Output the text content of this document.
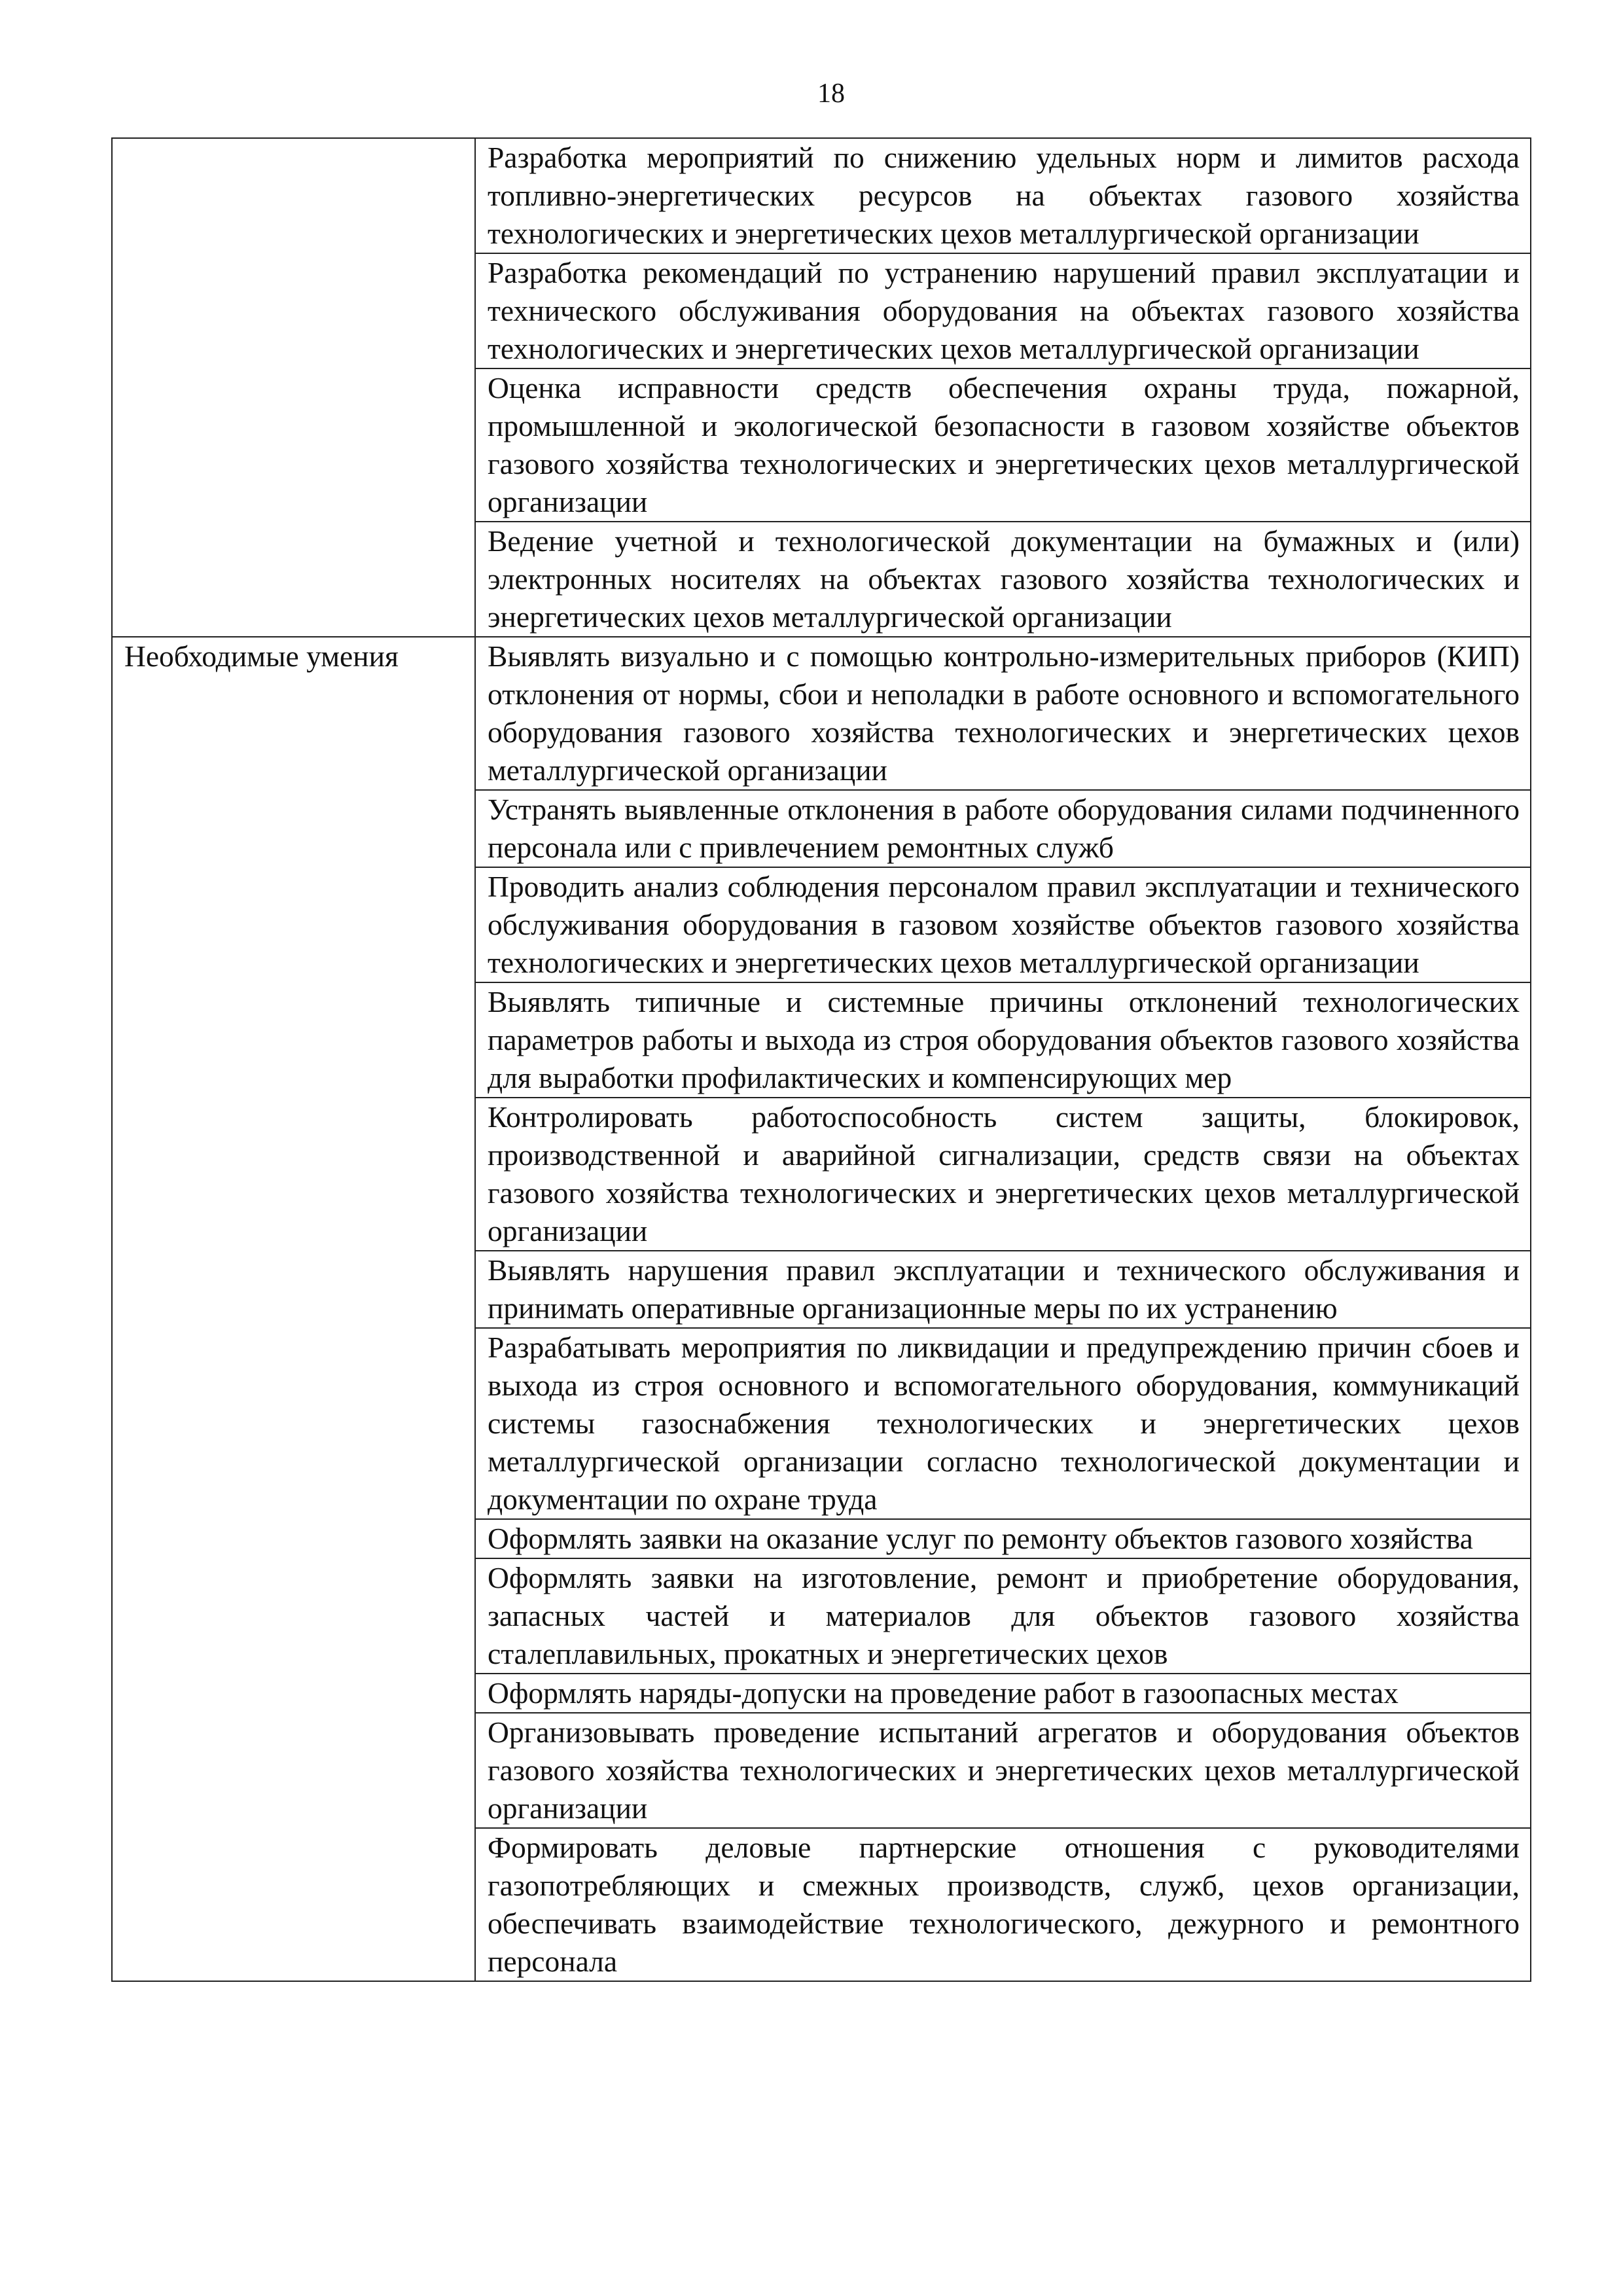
18
	Разработка мероприятий по снижению удельных норм и лимитов расхода топливно-энергетических ресурсов на объектах газового хозяйства технологических и энергетических цехов металлургической организации
	Разработка рекомендаций по устранению нарушений правил эксплуатации и технического обслуживания оборудования на объектах газового хозяйства технологических и энергетических цехов металлургической организации
	Оценка исправности средств обеспечения охраны труда, пожарной, промышленной и экологической безопасности в газовом хозяйстве объектов газового хозяйства технологических и энергетических цехов металлургической организации
	Ведение учетной и технологической документации на бумажных и (или) электронных носителях на объектах газового хозяйства технологических и энергетических цехов металлургической организации
Необходимые умения	Выявлять визуально и с помощью контрольно-измерительных приборов (КИП) отклонения от нормы, сбои и неполадки в работе основного и вспомогательного оборудования газового хозяйства технологических и энергетических цехов металлургической организации
	Устранять выявленные отклонения в работе оборудования силами подчиненного персонала или с привлечением ремонтных служб
	Проводить анализ соблюдения персоналом правил эксплуатации и технического обслуживания оборудования в газовом хозяйстве объектов газового хозяйства технологических и энергетических цехов металлургической организации
	Выявлять типичные и системные причины отклонений технологических параметров работы и выхода из строя оборудования объектов газового хозяйства для выработки профилактических и компенсирующих мер
	Контролировать работоспособность систем защиты, блокировок, производственной и аварийной сигнализации, средств связи на объектах газового хозяйства технологических и энергетических цехов металлургической организации
	Выявлять нарушения правил эксплуатации и технического обслуживания и принимать оперативные организационные меры по их устранению
	Разрабатывать мероприятия по ликвидации и предупреждению причин сбоев и выхода из строя основного и вспомогательного оборудования, коммуникаций системы газоснабжения технологических и энергетических цехов металлургической организации согласно технологической документации и документации по охране труда
	Оформлять заявки на оказание услуг по ремонту объектов газового хозяйства
	Оформлять заявки на изготовление, ремонт и приобретение оборудования, запасных частей и материалов для объектов газового хозяйства сталеплавильных, прокатных и энергетических цехов
	Оформлять наряды-допуски на проведение работ в газоопасных местах
	Организовывать проведение испытаний агрегатов и оборудования объектов газового хозяйства технологических и энергетических цехов металлургической организации
	Формировать деловые партнерские отношения с руководителями газопотребляющих и смежных производств, служб, цехов организации, обеспечивать взаимодействие технологического, дежурного и ремонтного персонала
